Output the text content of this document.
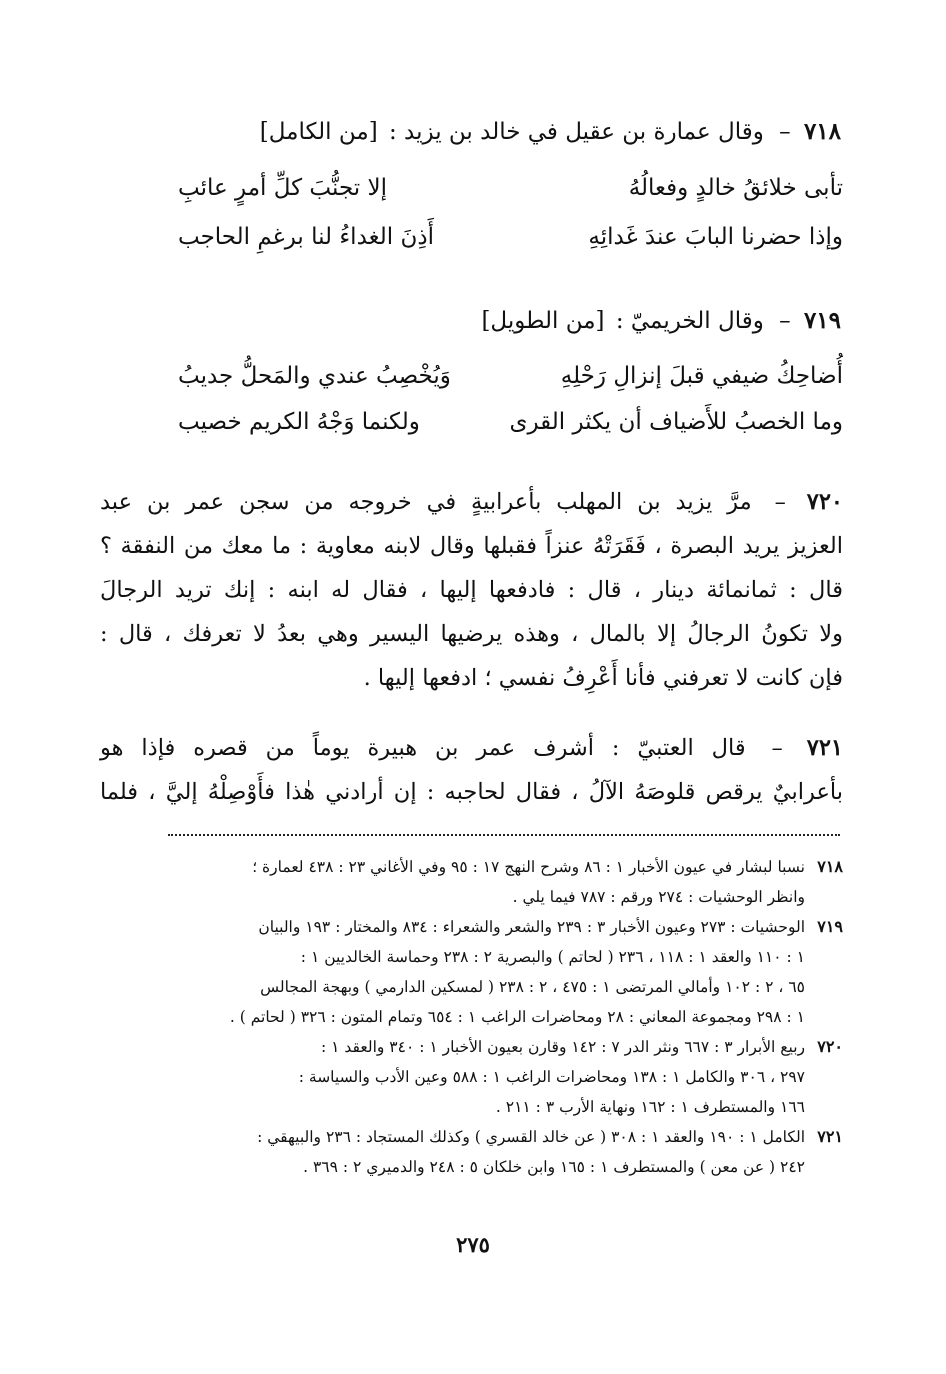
٧١٨ – وقال عمارة بن عقيل في خالد بن يزيد : [من الكامل]
تأبى خلائقُ خالدٍ وفعالُهُ
إلا تجنُّبَ كلِّ أمرٍ عائبِ
وإذا حضرنا البابَ عندَ غَدائِهِ
أَذِنَ الغداءُ لنا برغمِ الحاجب
٧١٩ – وقال الخريميّ : [من الطويل]
أُضاحِكُ ضيفي قبلَ إنزالِ رَحْلِهِ
وَيُخْصِبُ عندي والمَحلُّ جديبُ
وما الخصبُ للأَضياف أن يكثر القرى
ولكنما وَجْهُ الكريم خصيب
٧٢٠ – مرَّ يزيد بن المهلب بأعرابيةٍ في خروجه من سجن عمر بن عبد
العزيز يريد البصرة ، فَقَرَتْهُ عنزاً فقبلها وقال لابنه معاوية : ما معك من النفقة ؟
قال : ثمانمائة دينار ، قال : فادفعها إليها ، فقال له ابنه : إنك تريد الرجالَ
ولا تكونُ الرجالُ إلا بالمال ، وهذه يرضيها اليسير وهي بعدُ لا تعرفك ، قال :
فإن كانت لا تعرفني فأنا أَعْرِفُ نفسي ؛ ادفعها إليها .
٧٢١ – قال العتبيّ : أشرف عمر بن هبيرة يوماً من قصره فإذا هو
بأعرابيٌ يرقص قلوصَهُ الآلُ ، فقال لحاجبه : إن أرادني هٰذا فأَوْصِلْهُ إليَّ ، فلما
٧١٨
نسبا لبشار في عيون الأخبار ١ : ٨٦ وشرح النهج ١٧ : ٩٥ وفي الأغاني ٢٣ : ٤٣٨ لعمارة ؛
وانظر الوحشيات : ٢٧٤ ورقم : ٧٨٧ فيما يلي .
٧١٩
الوحشيات : ٢٧٣ وعيون الأخبار ٣ : ٢٣٩ والشعر والشعراء : ٨٣٤ والمختار : ١٩٣ والبيان
١ : ١١٠ والعقد ١ : ١١٨ ، ٢٣٦ ( لحاتم ) والبصرية ٢ : ٢٣٨ وحماسة الخالديين ١ :
٦٥ ، ٢ : ١٠٢ وأمالي المرتضى ١ : ٤٧٥ ، ٢ : ٢٣٨ ( لمسكين الدارمي ) وبهجة المجالس
١ : ٢٩٨ ومجموعة المعاني : ٢٨ ومحاضرات الراغب ١ : ٦٥٤ وتمام المتون : ٣٢٦ ( لحاتم ) .
٧٢٠
ربيع الأبرار ٣ : ٦٦٧ ونثر الدر ٧ : ١٤٢ وقارن بعيون الأخبار ١ : ٣٤٠ والعقد ١ :
٢٩٧ ، ٣٠٦ والكامل ١ : ١٣٨ ومحاضرات الراغب ١ : ٥٨٨ وعين الأدب والسياسة :
١٦٦ والمستطرف ١ : ١٦٢ ونهاية الأرب ٣ : ٢١١ .
٧٢١
الكامل ١ : ١٩٠ والعقد ١ : ٣٠٨ ( عن خالد القسري ) وكذلك المستجاد : ٢٣٦ والبيهقي :
٢٤٢ ( عن معن ) والمستطرف ١ : ١٦٥ وابن خلكان ٥ : ٢٤٨ والدميري ٢ : ٣٦٩ .
٢٧٥
